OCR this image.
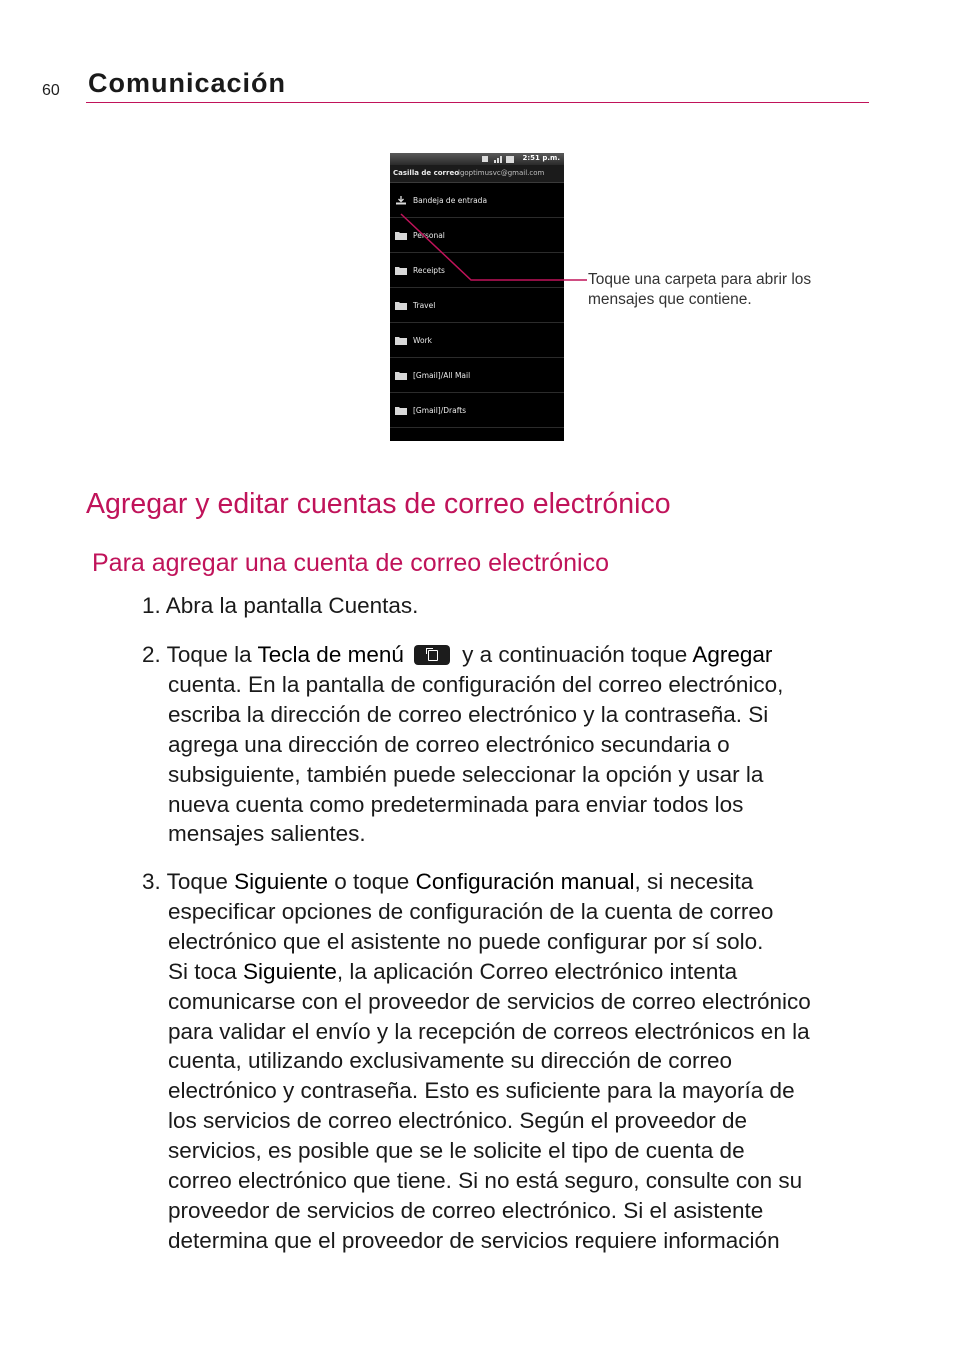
60 Comunicación
2:51 p.m.
Casilla de correo
lgoptimusvc@gmail.com
Bandeja de entrada
Personal
Receipts
Travel
Work
[Gmail]/All Mail
[Gmail]/Drafts
Toque una carpeta para abrir los
mensajes que contiene.
Agregar y editar cuentas de correo electrónico
Para agregar una cuenta de correo electrónico
1. Abra la pantalla Cuentas.
2. Toque la Tecla de menú y a continuación toque Agregar
cuenta. En la pantalla de configuración del correo electrónico,
escriba la dirección de correo electrónico y la contraseña. Si
agrega una dirección de correo electrónico secundaria o
subsiguiente, también puede seleccionar la opción y usar la
nueva cuenta como predeterminada para enviar todos los
mensajes salientes.
3. Toque Siguiente o toque Configuración manual, si necesita
especificar opciones de configuración de la cuenta de correo
electrónico que el asistente no puede configurar por sí solo.
Si toca Siguiente, la aplicación Correo electrónico intenta
comunicarse con el proveedor de servicios de correo electrónico
para validar el envío y la recepción de correos electrónicos en la
cuenta, utilizando exclusivamente su dirección de correo
electrónico y contraseña. Esto es suficiente para la mayoría de
los servicios de correo electrónico. Según el proveedor de
servicios, es posible que se le solicite el tipo de cuenta de
correo electrónico que tiene. Si no está seguro, consulte con su
proveedor de servicios de correo electrónico. Si el asistente
determina que el proveedor de servicios requiere información
